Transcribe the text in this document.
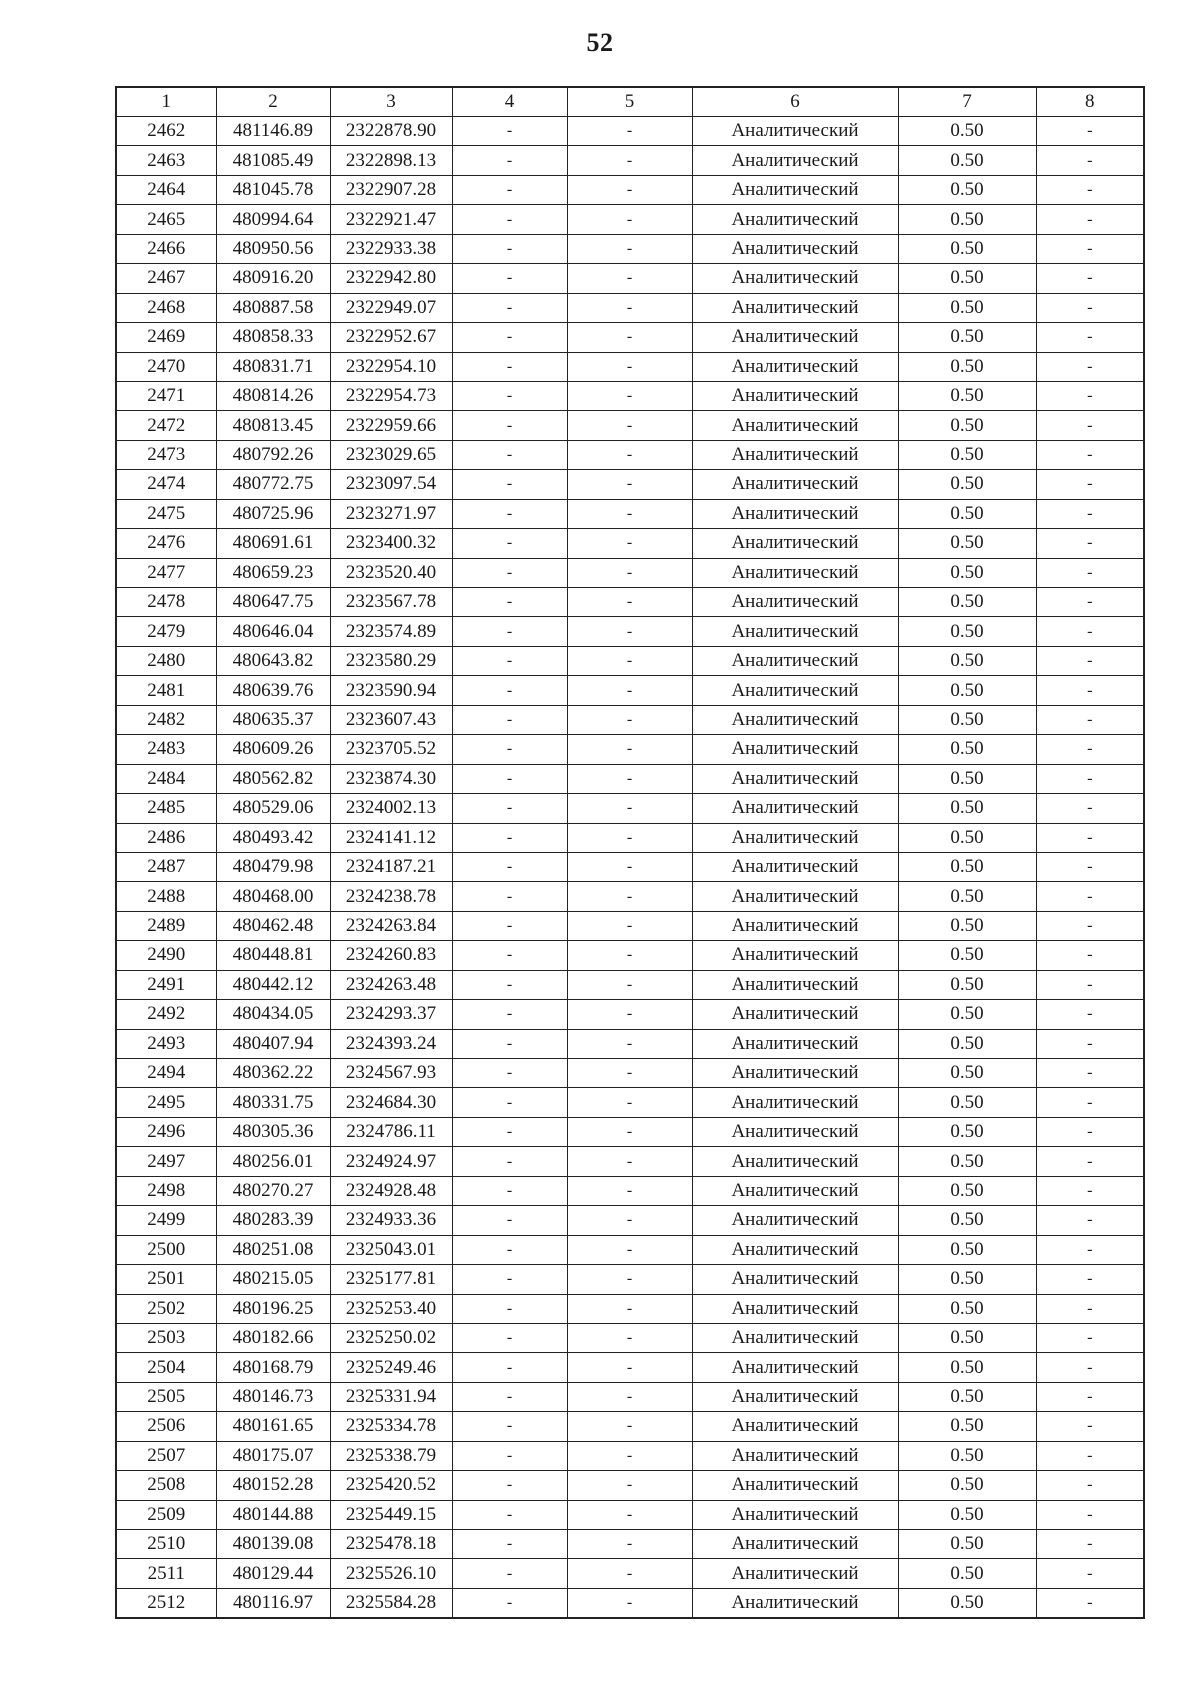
52
1	2	3	4	5	6	7	8
2462	481146.89	2322878.90	-	-	Аналитический	0.50	-
2463	481085.49	2322898.13	-	-	Аналитический	0.50	-
2464	481045.78	2322907.28	-	-	Аналитический	0.50	-
2465	480994.64	2322921.47	-	-	Аналитический	0.50	-
2466	480950.56	2322933.38	-	-	Аналитический	0.50	-
2467	480916.20	2322942.80	-	-	Аналитический	0.50	-
2468	480887.58	2322949.07	-	-	Аналитический	0.50	-
2469	480858.33	2322952.67	-	-	Аналитический	0.50	-
2470	480831.71	2322954.10	-	-	Аналитический	0.50	-
2471	480814.26	2322954.73	-	-	Аналитический	0.50	-
2472	480813.45	2322959.66	-	-	Аналитический	0.50	-
2473	480792.26	2323029.65	-	-	Аналитический	0.50	-
2474	480772.75	2323097.54	-	-	Аналитический	0.50	-
2475	480725.96	2323271.97	-	-	Аналитический	0.50	-
2476	480691.61	2323400.32	-	-	Аналитический	0.50	-
2477	480659.23	2323520.40	-	-	Аналитический	0.50	-
2478	480647.75	2323567.78	-	-	Аналитический	0.50	-
2479	480646.04	2323574.89	-	-	Аналитический	0.50	-
2480	480643.82	2323580.29	-	-	Аналитический	0.50	-
2481	480639.76	2323590.94	-	-	Аналитический	0.50	-
2482	480635.37	2323607.43	-	-	Аналитический	0.50	-
2483	480609.26	2323705.52	-	-	Аналитический	0.50	-
2484	480562.82	2323874.30	-	-	Аналитический	0.50	-
2485	480529.06	2324002.13	-	-	Аналитический	0.50	-
2486	480493.42	2324141.12	-	-	Аналитический	0.50	-
2487	480479.98	2324187.21	-	-	Аналитический	0.50	-
2488	480468.00	2324238.78	-	-	Аналитический	0.50	-
2489	480462.48	2324263.84	-	-	Аналитический	0.50	-
2490	480448.81	2324260.83	-	-	Аналитический	0.50	-
2491	480442.12	2324263.48	-	-	Аналитический	0.50	-
2492	480434.05	2324293.37	-	-	Аналитический	0.50	-
2493	480407.94	2324393.24	-	-	Аналитический	0.50	-
2494	480362.22	2324567.93	-	-	Аналитический	0.50	-
2495	480331.75	2324684.30	-	-	Аналитический	0.50	-
2496	480305.36	2324786.11	-	-	Аналитический	0.50	-
2497	480256.01	2324924.97	-	-	Аналитический	0.50	-
2498	480270.27	2324928.48	-	-	Аналитический	0.50	-
2499	480283.39	2324933.36	-	-	Аналитический	0.50	-
2500	480251.08	2325043.01	-	-	Аналитический	0.50	-
2501	480215.05	2325177.81	-	-	Аналитический	0.50	-
2502	480196.25	2325253.40	-	-	Аналитический	0.50	-
2503	480182.66	2325250.02	-	-	Аналитический	0.50	-
2504	480168.79	2325249.46	-	-	Аналитический	0.50	-
2505	480146.73	2325331.94	-	-	Аналитический	0.50	-
2506	480161.65	2325334.78	-	-	Аналитический	0.50	-
2507	480175.07	2325338.79	-	-	Аналитический	0.50	-
2508	480152.28	2325420.52	-	-	Аналитический	0.50	-
2509	480144.88	2325449.15	-	-	Аналитический	0.50	-
2510	480139.08	2325478.18	-	-	Аналитический	0.50	-
2511	480129.44	2325526.10	-	-	Аналитический	0.50	-
2512	480116.97	2325584.28	-	-	Аналитический	0.50	-
